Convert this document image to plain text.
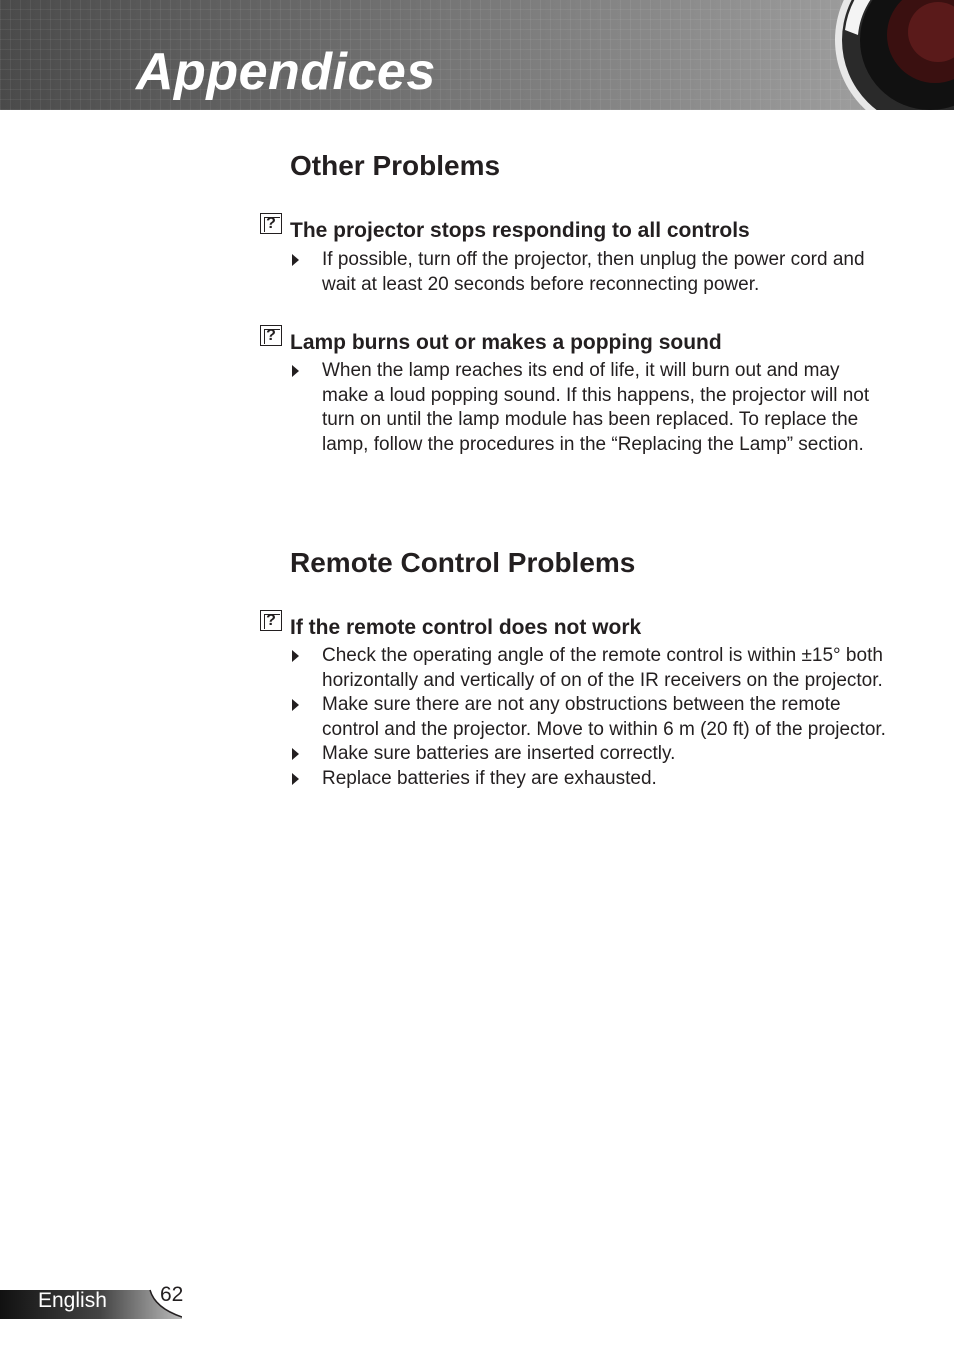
Appendices
Other Problems
? The projector stops responding to all controls

If possible, turn off the projector, then unplug the power cord and wait at least 20 seconds before reconnecting power.
? Lamp burns out or makes a popping sound

When the lamp reaches its end of life, it will burn out and may make a loud popping sound. If this happens, the projector will not turn on until the lamp module has been replaced. To replace the lamp, follow the procedures in the “Replacing the Lamp” section.
Remote Control Problems
? If the remote control does not work

Check the operating angle of the remote control is within ±15° both horizontally and vertically of on of the IR receivers on the projector.
Make sure there are not any obstructions between the remote control and the projector. Move to within 6 m (20 ft) of the projector.
Make sure batteries are inserted correctly.
Replace batteries if they are exhausted.
English	62
